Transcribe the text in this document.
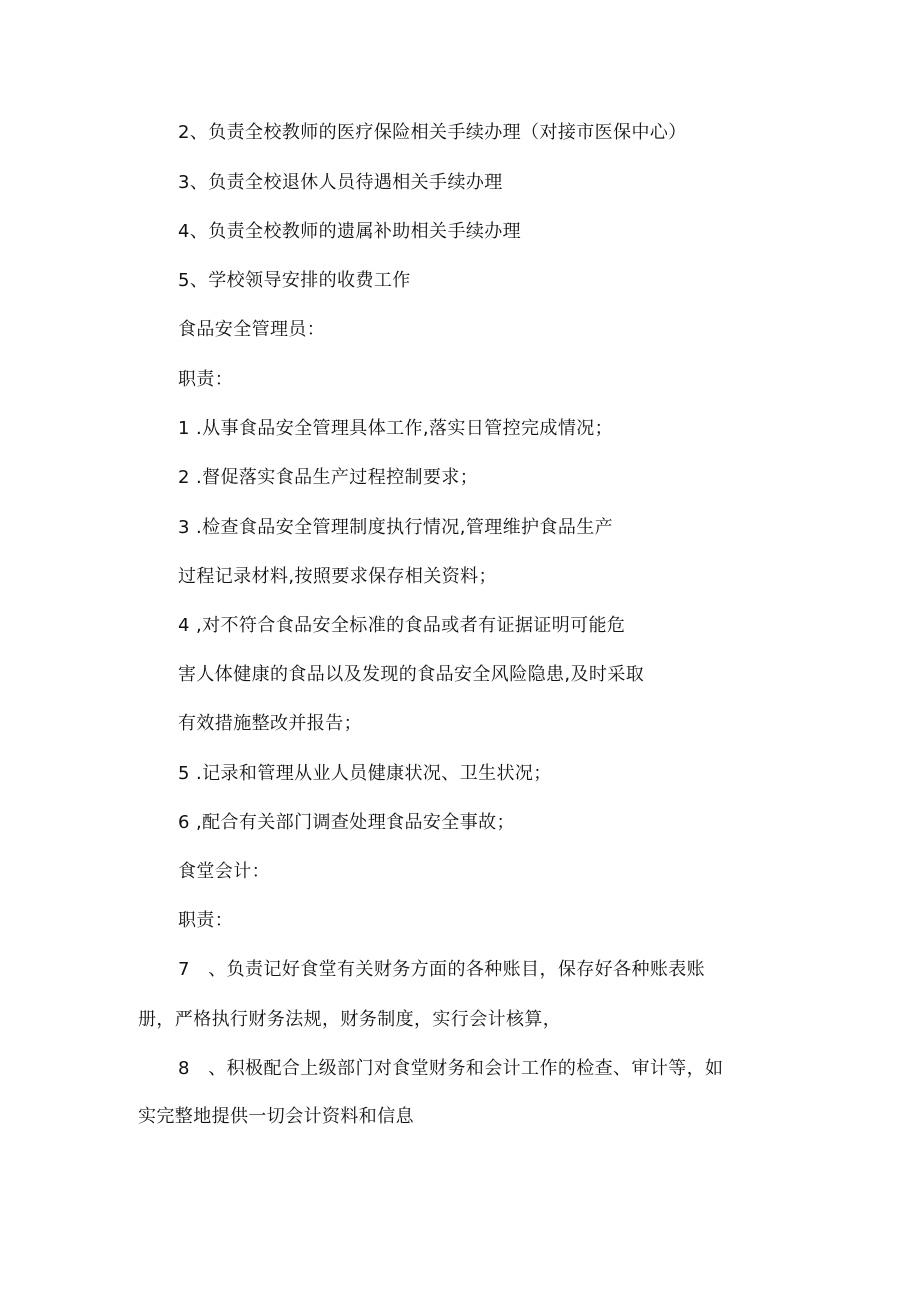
2、负责全校教师的医疗保险相关手续办理（对接市医保中心）
3、负责全校退休人员待遇相关手续办理
4、负责全校教师的遗属补助相关手续办理
5、学校领导安排的收费工作
食品安全管理员：
职责：
1 .从事食品安全管理具体工作,落实日管控完成情况；
2 .督促落实食品生产过程控制要求；
3 .检查食品安全管理制度执行情况,管理维护食品生产
过程记录材料,按照要求保存相关资料；
4 ,对不符合食品安全标准的食品或者有证据证明可能危
害人体健康的食品以及发现的食品安全风险隐患,及时采取
有效措施整改并报告；
5 .记录和管理从业人员健康状况、卫生状况；
6 ,配合有关部门调查处理食品安全事故；
食堂会计：
职责：
7　、负责记好食堂有关财务方面的各种账目，保存好各种账表账
册，严格执行财务法规，财务制度，实行会计核算，
8　、积极配合上级部门对食堂财务和会计工作的检查、审计等，如
实完整地提供一切会计资料和信息
